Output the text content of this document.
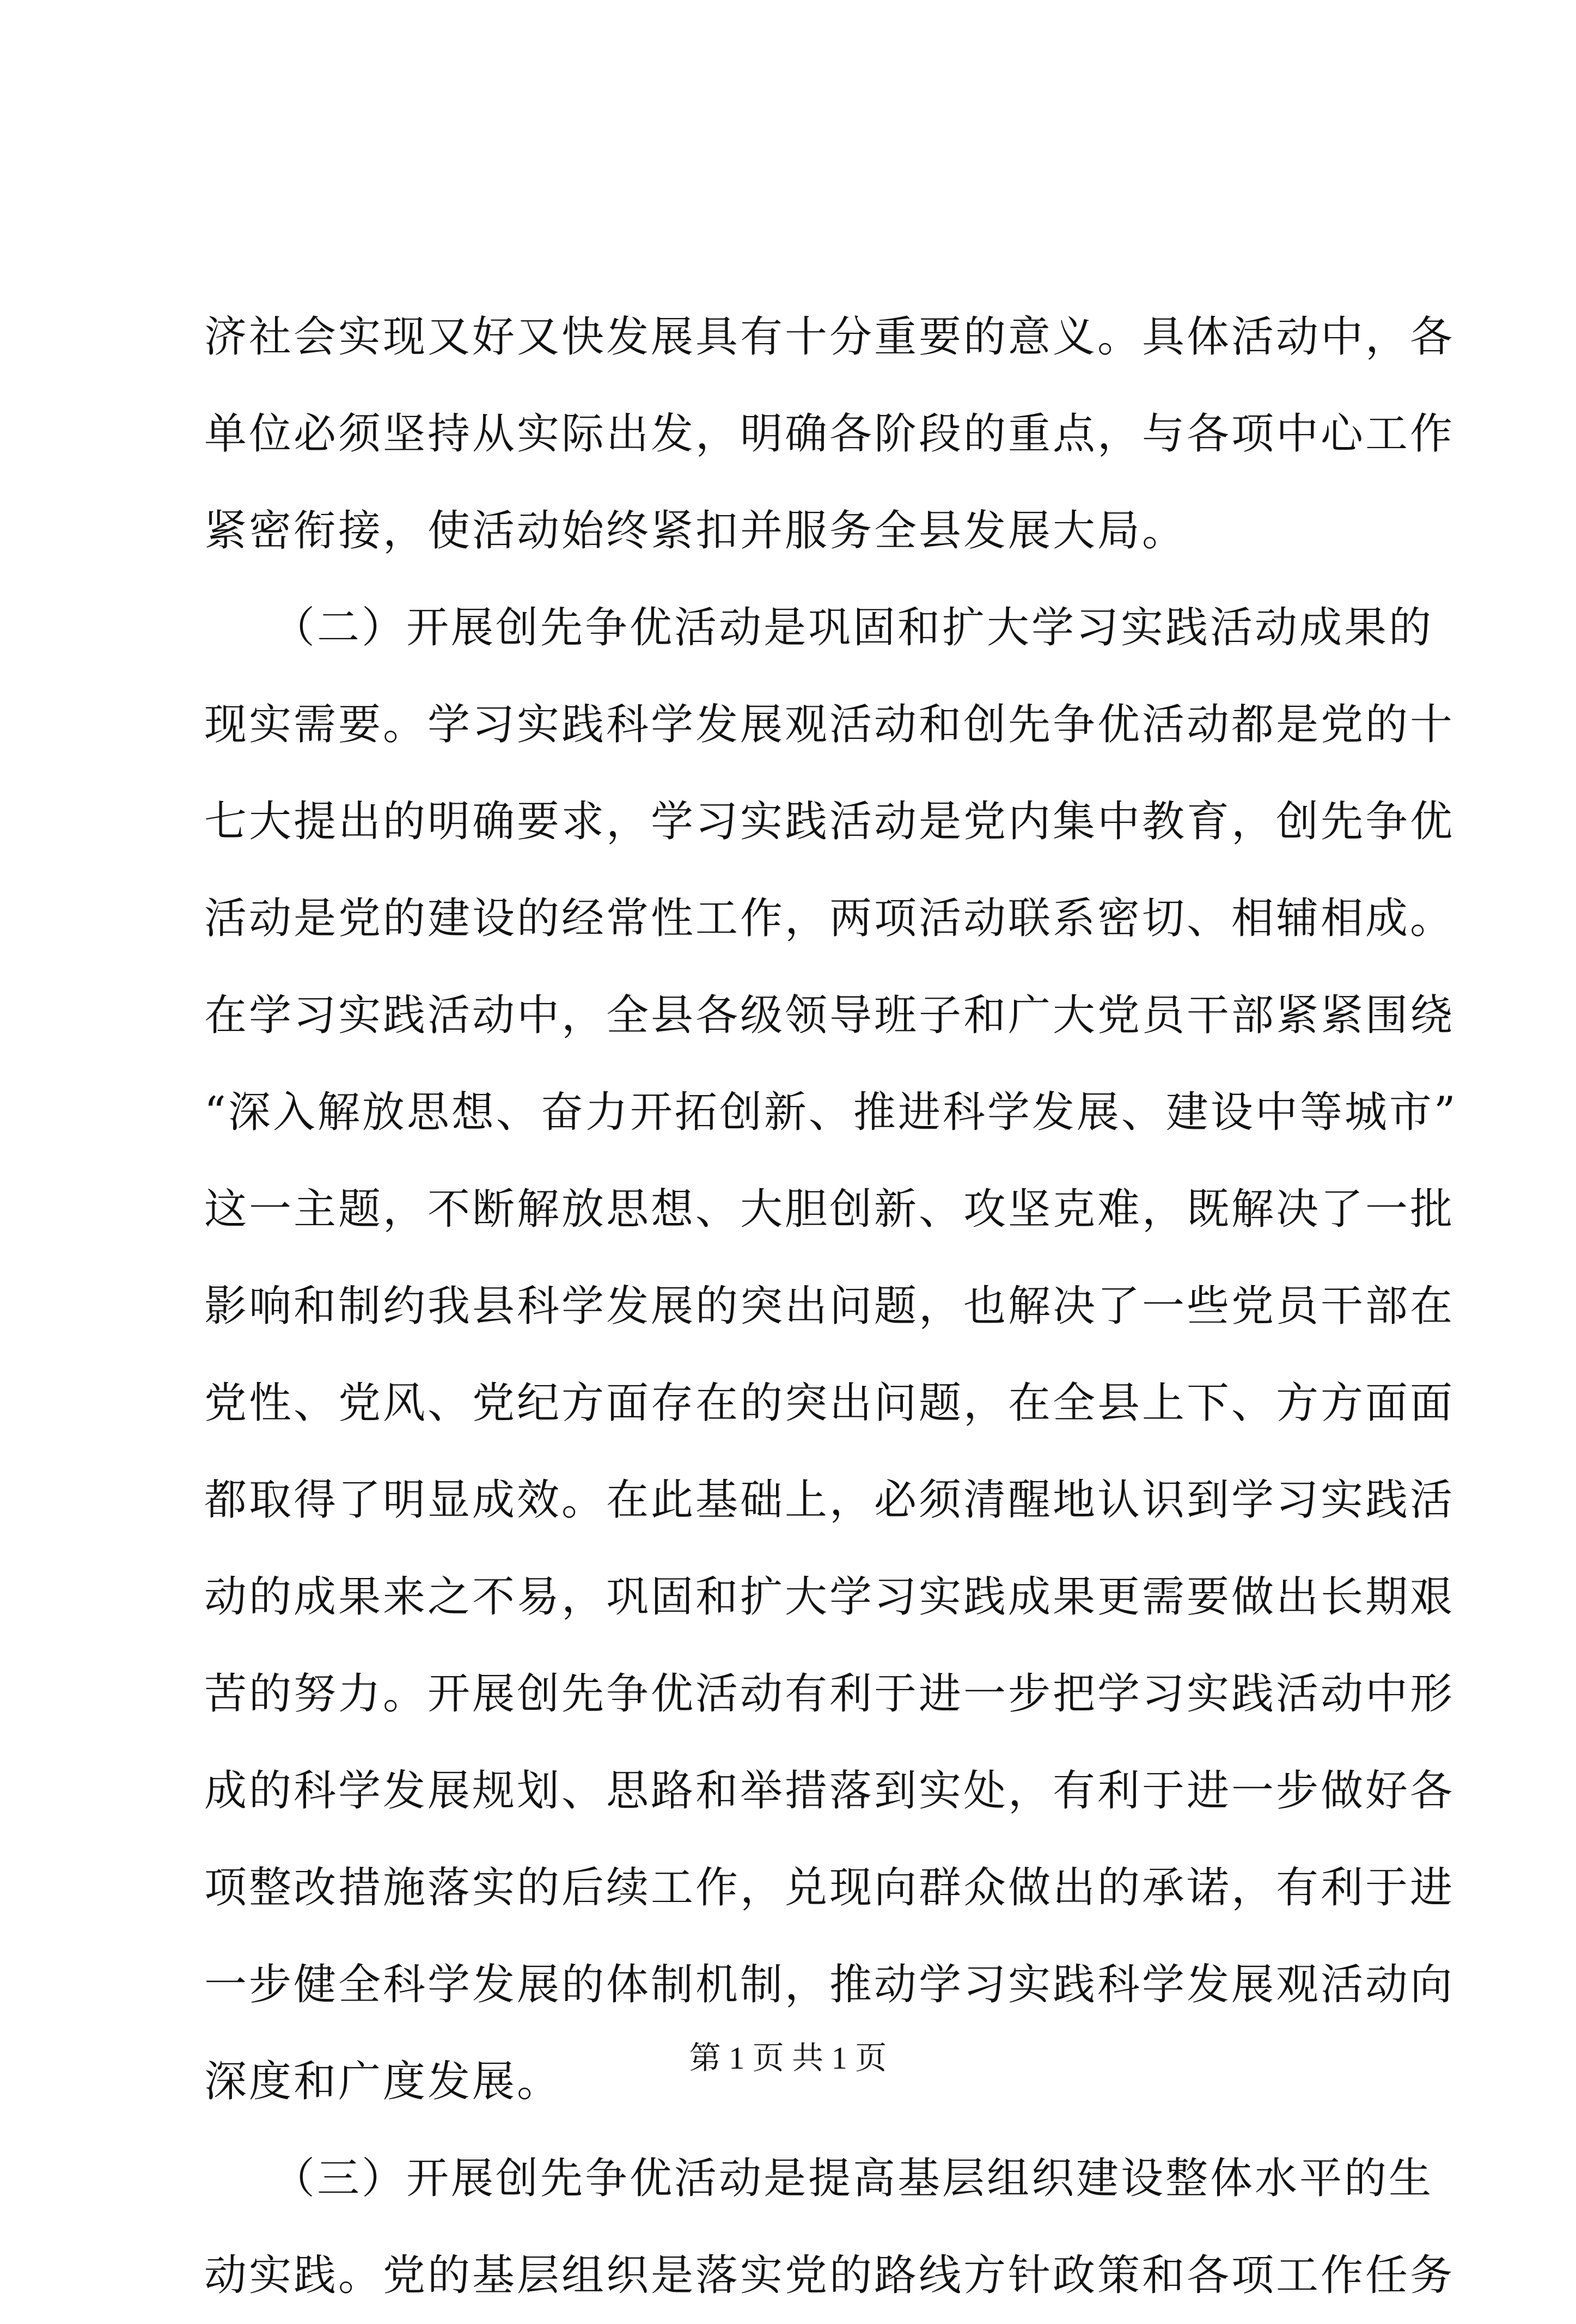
济社会实现又好又快发展具有十分重要的意义。具体活动中，各
单位必须坚持从实际出发，明确各阶段的重点，与各项中心工作
紧密衔接，使活动始终紧扣并服务全县发展大局。
　　（二）开展创先争优活动是巩固和扩大学习实践活动成果的
现实需要。学习实践科学发展观活动和创先争优活动都是党的十
七大提出的明确要求，学习实践活动是党内集中教育，创先争优
活动是党的建设的经常性工作，两项活动联系密切、相辅相成。
在学习实践活动中，全县各级领导班子和广大党员干部紧紧围绕
“深入解放思想、奋力开拓创新、推进科学发展、建设中等城市”
这一主题，不断解放思想、大胆创新、攻坚克难，既解决了一批
影响和制约我县科学发展的突出问题，也解决了一些党员干部在
党性、党风、党纪方面存在的突出问题，在全县上下、方方面面
都取得了明显成效。在此基础上，必须清醒地认识到学习实践活
动的成果来之不易，巩固和扩大学习实践成果更需要做出长期艰
苦的努力。开展创先争优活动有利于进一步把学习实践活动中形
成的科学发展规划、思路和举措落到实处，有利于进一步做好各
项整改措施落实的后续工作，兑现向群众做出的承诺，有利于进
一步健全科学发展的体制机制，推动学习实践科学发展观活动向
深度和广度发展。
　　（三）开展创先争优活动是提高基层组织建设整体水平的生
动实践。党的基层组织是落实党的路线方针政策和各项工作任务
第 1 页 共 1 页
